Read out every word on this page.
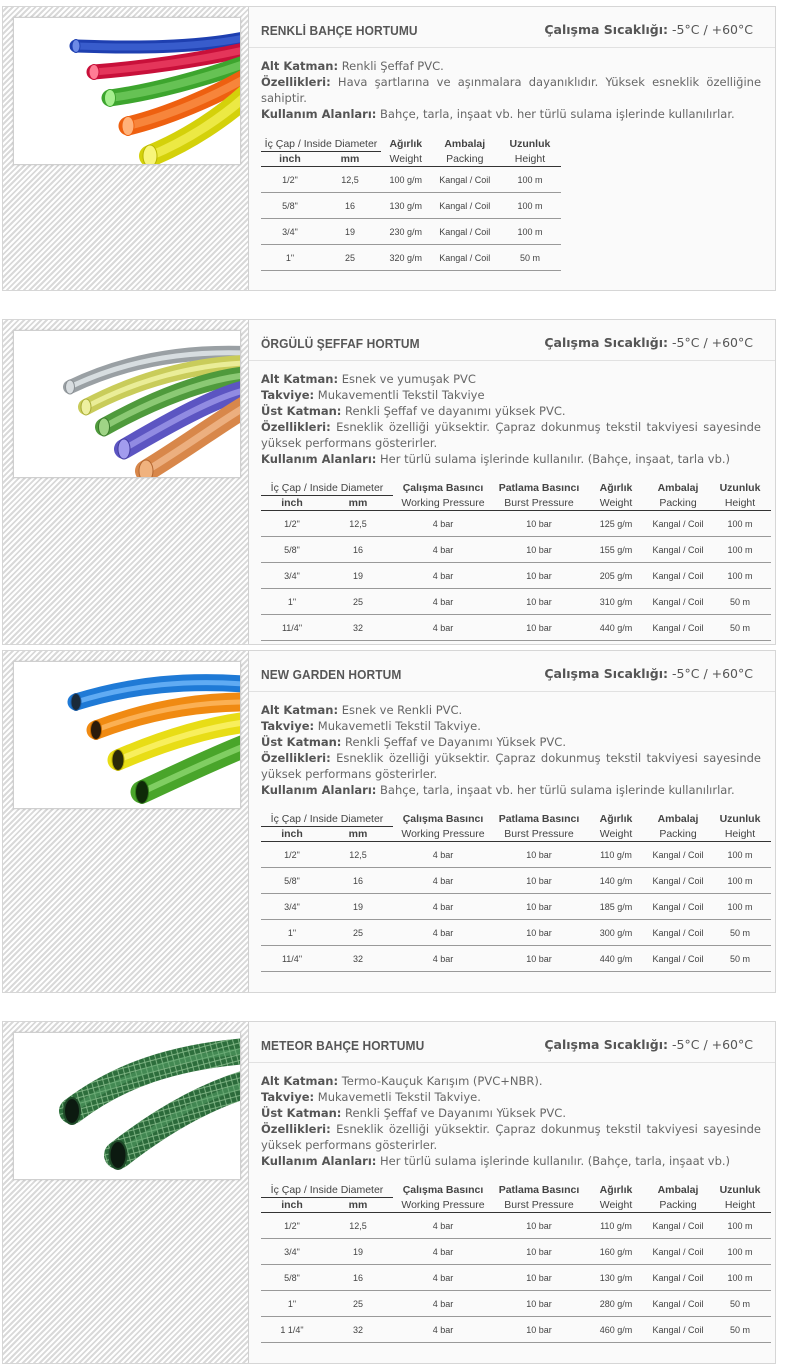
RENKLİ BAHÇE HORTUMU	Çalışma Sıcaklığı: -5°C / +60°C
Alt Katman: Renkli Şeffaf PVC.
Özellikleri: Hava şartlarına ve aşınmalara dayanıklıdır. Yüksek esneklik özelliğine sahiptir.
Kullanım Alanları: Bahçe, tarla, inşaat vb. her türlü sulama işlerinde kullanılırlar.
İç Çap / Inside Diameter		Ağırlık	Ambalaj	Uzunluk
inch	mm	Weight	Packing	Height
1/2"	12,5	100 g/m	Kangal / Coil	100 m
5/8"	16	130 g/m	Kangal / Coil	100 m
3/4"	19	230 g/m	Kangal / Coil	100 m
1"	25	320 g/m	Kangal / Coil	50 m
ÖRGÜLÜ ŞEFFAF HORTUM	Çalışma Sıcaklığı: -5°C / +60°C
Alt Katman: Esnek ve yumuşak PVC
Takviye: Mukavementli Tekstil Takviye
Üst Katman: Renkli Şeffaf ve dayanımı yüksek PVC.
Özellikleri: Esneklik özelliği yüksektir. Çapraz dokunmuş tekstil takviyesi sayesinde yüksek performans gösterirler.
Kullanım Alanları: Her türlü sulama işlerinde kullanılır. (Bahçe, inşaat, tarla vb.)
İç Çap / Inside Diameter		Çalışma Basıncı	Patlama Basıncı	Ağırlık	Ambalaj	Uzunluk
inch	mm	Working Pressure	Burst Pressure	Weight	Packing	Height
1/2"	12,5	4 bar	10 bar	125 g/m	Kangal / Coil	100 m
5/8"	16	4 bar	10 bar	155 g/m	Kangal / Coil	100 m
3/4"	19	4 bar	10 bar	205 g/m	Kangal / Coil	100 m
1"	25	4 bar	10 bar	310 g/m	Kangal / Coil	50 m
11/4"	32	4 bar	10 bar	440 g/m	Kangal / Coil	50 m
NEW GARDEN HORTUM	Çalışma Sıcaklığı: -5°C / +60°C
Alt Katman: Esnek ve Renkli PVC.
Takviye: Mukavemetli Tekstil Takviye.
Üst Katman: Renkli Şeffaf ve Dayanımı Yüksek PVC.
Özellikleri: Esneklik özelliği yüksektir. Çapraz dokunmuş tekstil takviyesi sayesinde yüksek performans gösterirler.
Kullanım Alanları: Bahçe, tarla, inşaat vb. her türlü sulama işlerinde kullanılırlar.
İç Çap / Inside Diameter		Çalışma Basıncı	Patlama Basıncı	Ağırlık	Ambalaj	Uzunluk
inch	mm	Working Pressure	Burst Pressure	Weight	Packing	Height
1/2"	12,5	4 bar	10 bar	110 g/m	Kangal / Coil	100 m
5/8"	16	4 bar	10 bar	140 g/m	Kangal / Coil	100 m
3/4"	19	4 bar	10 bar	185 g/m	Kangal / Coil	100 m
1"	25	4 bar	10 bar	300 g/m	Kangal / Coil	50 m
11/4"	32	4 bar	10 bar	440 g/m	Kangal / Coil	50 m
METEOR BAHÇE HORTUMU	Çalışma Sıcaklığı: -5°C / +60°C
Alt Katman: Termo-Kauçuk Karışım (PVC+NBR).
Takviye: Mukavemetli Tekstil Takviye.
Üst Katman: Renkli Şeffaf ve Dayanımı Yüksek PVC.
Özellikleri: Esneklik özelliği yüksektir. Çapraz dokunmuş tekstil takviyesi sayesinde yüksek performans gösterirler.
Kullanım Alanları: Her türlü sulama işlerinde kullanılır. (Bahçe, tarla, inşaat vb.)
İç Çap / Inside Diameter		Çalışma Basıncı	Patlama Basıncı	Ağırlık	Ambalaj	Uzunluk
inch	mm	Working Pressure	Burst Pressure	Weight	Packing	Height
1/2"	12,5	4 bar	10 bar	110 g/m	Kangal / Coil	100 m
3/4"	19	4 bar	10 bar	160 g/m	Kangal / Coil	100 m
5/8"	16	4 bar	10 bar	130 g/m	Kangal / Coil	100 m
1"	25	4 bar	10 bar	280 g/m	Kangal / Coil	50 m
1 1/4"	32	4 bar	10 bar	460 g/m	Kangal / Coil	50 m
